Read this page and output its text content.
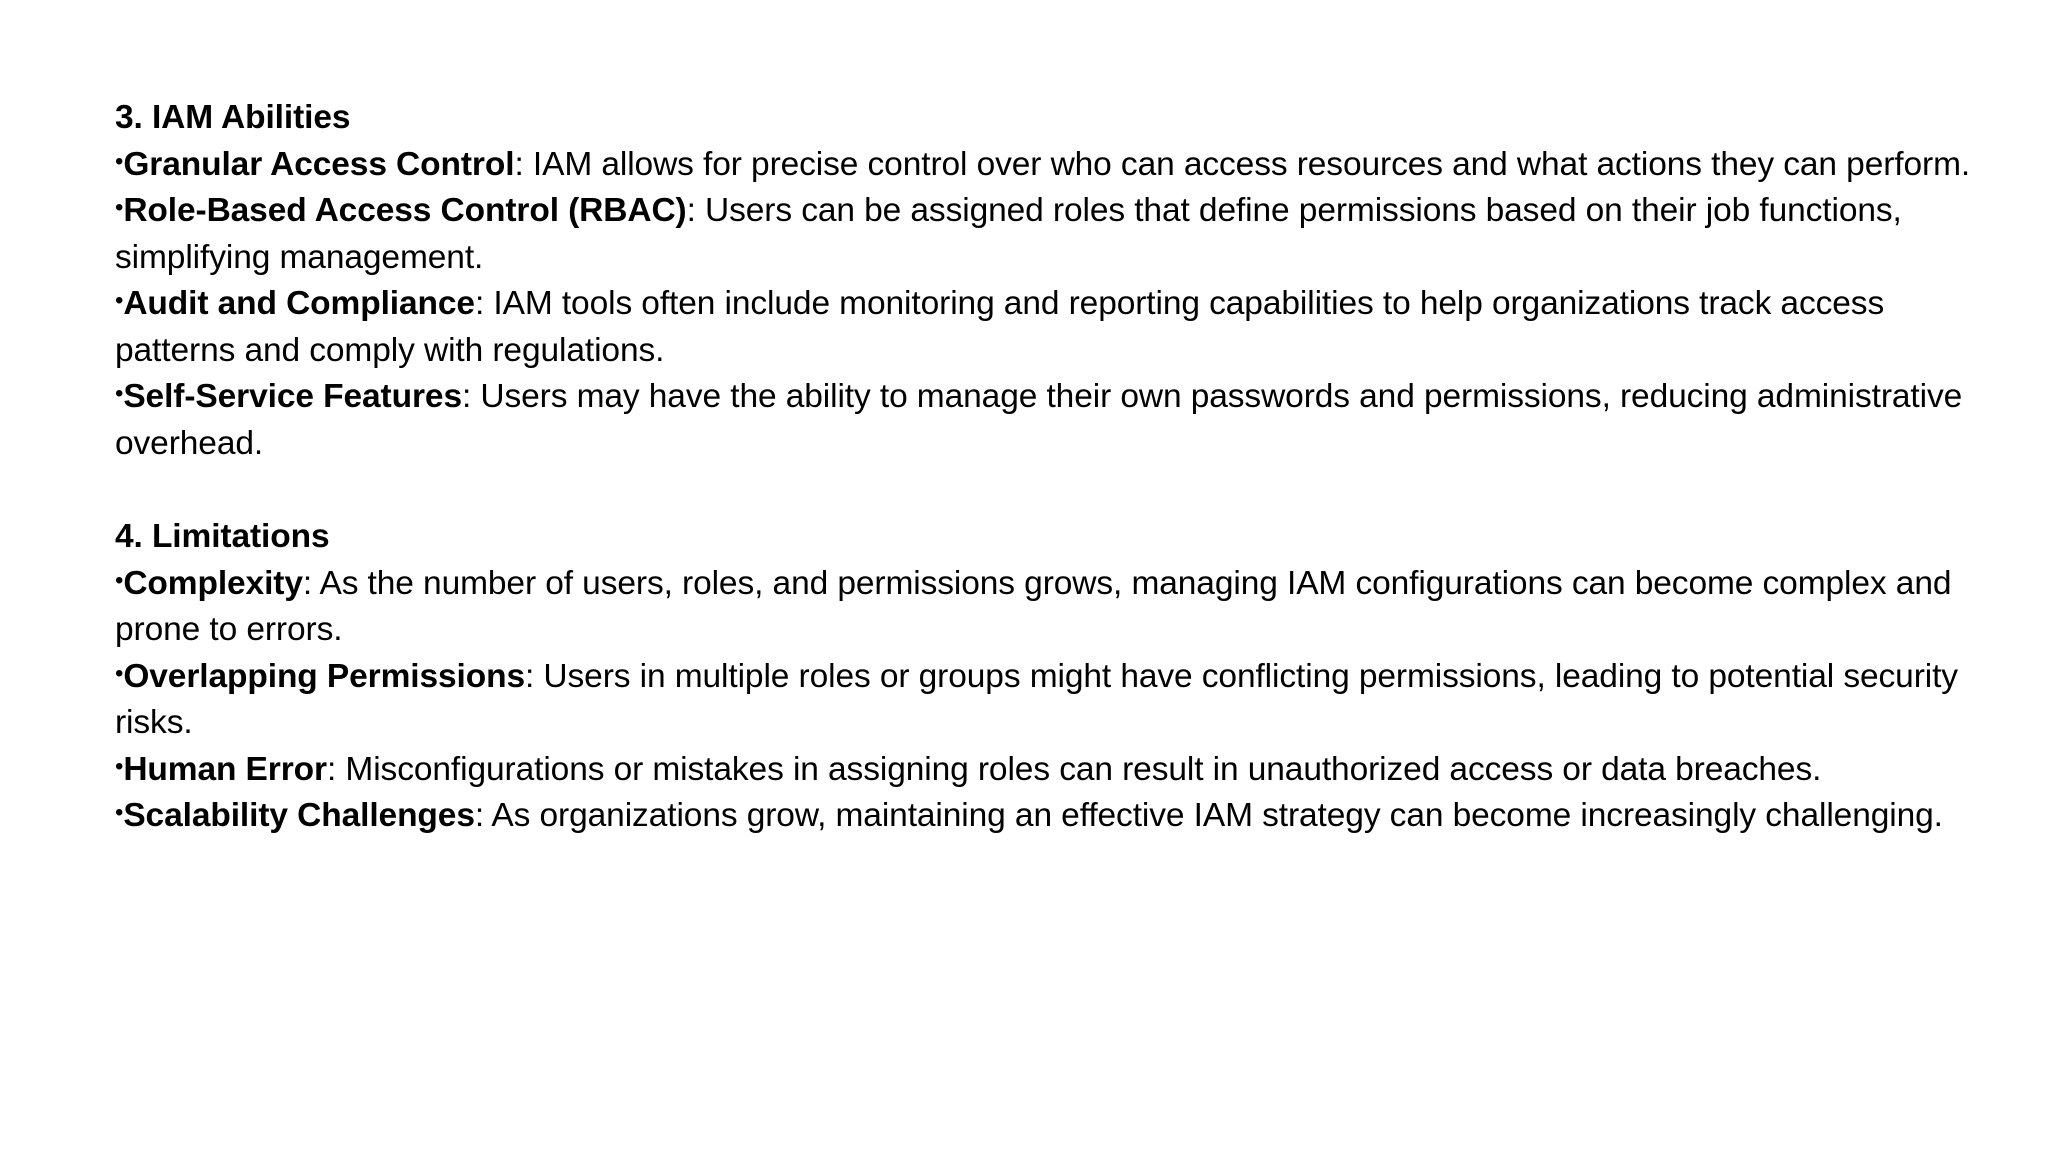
3. IAM Abilities

•Granular Access Control: IAM allows for precise control over who can access resources and what actions they can perform.

•Role-Based Access Control (RBAC): Users can be assigned roles that define permissions based on their job functions, simplifying management.

•Audit and Compliance: IAM tools often include monitoring and reporting capabilities to help organizations track access patterns and comply with regulations.

•Self-Service Features: Users may have the ability to manage their own passwords and permissions, reducing administrative overhead.

4. Limitations

•Complexity: As the number of users, roles, and permissions grows, managing IAM configurations can become complex and prone to errors.

•Overlapping Permissions: Users in multiple roles or groups might have conflicting permissions, leading to potential security risks.

•Human Error: Misconfigurations or mistakes in assigning roles can result in unauthorized access or data breaches.

•Scalability Challenges: As organizations grow, maintaining an effective IAM strategy can become increasingly challenging.
